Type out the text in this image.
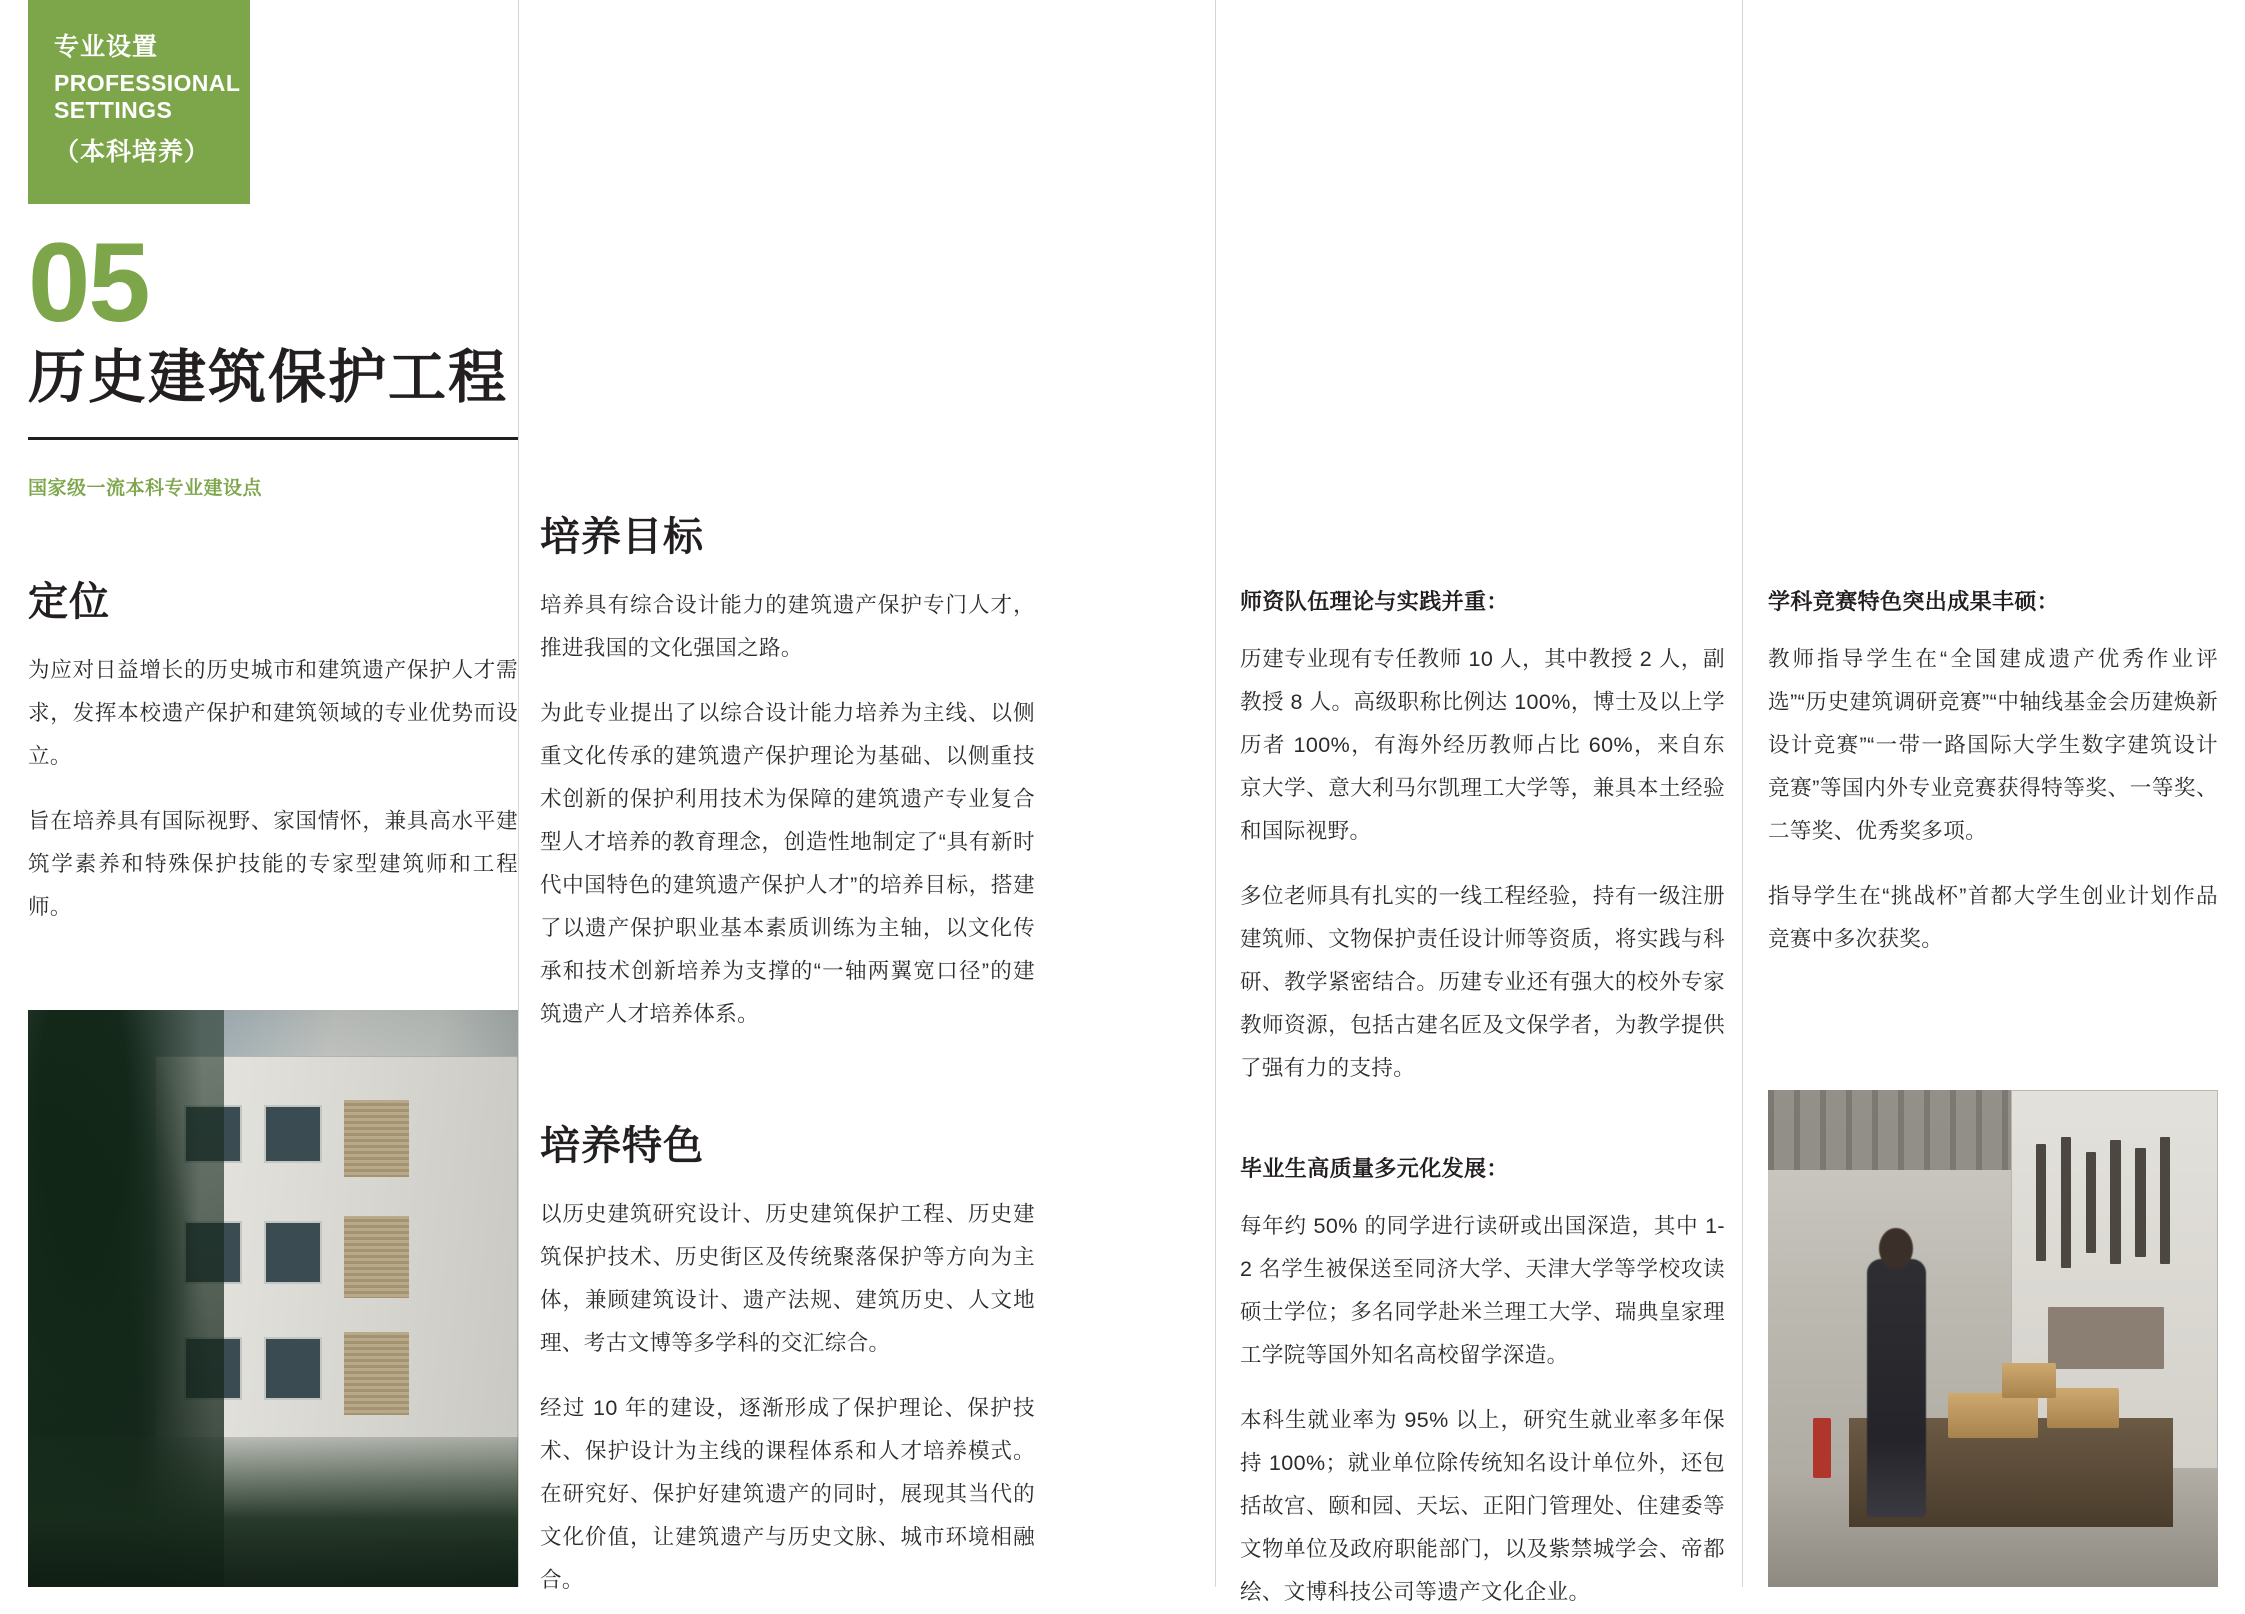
专业设置
PROFESSIONAL
SETTINGS
（本科培养）
05
历史建筑保护工程
国家级一流本科专业建设点
定位

为应对日益增长的历史城市和建筑遗产保护人才需求，发挥本校遗产保护和建筑领域的专业优势而设立。

旨在培养具有国际视野、家国情怀，兼具高水平建筑学素养和特殊保护技能的专家型建筑师和工程师。

培养目标

培养具有综合设计能力的建筑遗产保护专门人才，推进我国的文化强国之路。

为此专业提出了以综合设计能力培养为主线、以侧重文化传承的建筑遗产保护理论为基础、以侧重技术创新的保护利用技术为保障的建筑遗产专业复合型人才培养的教育理念，创造性地制定了“具有新时代中国特色的建筑遗产保护人才”的培养目标，搭建了以遗产保护职业基本素质训练为主轴，以文化传承和技术创新培养为支撑的“一轴两翼宽口径”的建筑遗产人才培养体系。

培养特色

以历史建筑研究设计、历史建筑保护工程、历史建筑保护技术、历史街区及传统聚落保护等方向为主体，兼顾建筑设计、遗产法规、建筑历史、人文地理、考古文博等多学科的交汇综合。

经过 10 年的建设，逐渐形成了保护理论、保护技术、保护设计为主线的课程体系和人才培养模式。在研究好、保护好建筑遗产的同时，展现其当代的文化价值，让建筑遗产与历史文脉、城市环境相融合。

师资队伍理论与实践并重：

历建专业现有专任教师 10 人，其中教授 2 人，副教授 8 人。高级职称比例达 100%，博士及以上学历者 100%，有海外经历教师占比 60%，来自东京大学、意大利马尔凯理工大学等，兼具本土经验和国际视野。

多位老师具有扎实的一线工程经验，持有一级注册建筑师、文物保护责任设计师等资质，将实践与科研、教学紧密结合。历建专业还有强大的校外专家教师资源，包括古建名匠及文保学者，为教学提供了强有力的支持。

毕业生高质量多元化发展：

每年约 50% 的同学进行读研或出国深造，其中 1-2 名学生被保送至同济大学、天津大学等学校攻读硕士学位；多名同学赴米兰理工大学、瑞典皇家理工学院等国外知名高校留学深造。

本科生就业率为 95% 以上，研究生就业率多年保持 100%；就业单位除传统知名设计单位外，还包括故宫、颐和园、天坛、正阳门管理处、住建委等文物单位及政府职能部门，以及紫禁城学会、帝都绘、文博科技公司等遗产文化企业。

学科竞赛特色突出成果丰硕：

教师指导学生在“全国建成遗产优秀作业评选”“历史建筑调研竞赛”“中轴线基金会历建焕新设计竞赛”“一带一路国际大学生数字建筑设计竞赛”等国内外专业竞赛获得特等奖、一等奖、二等奖、优秀奖多项。

指导学生在“挑战杯”首都大学生创业计划作品竞赛中多次获奖。
